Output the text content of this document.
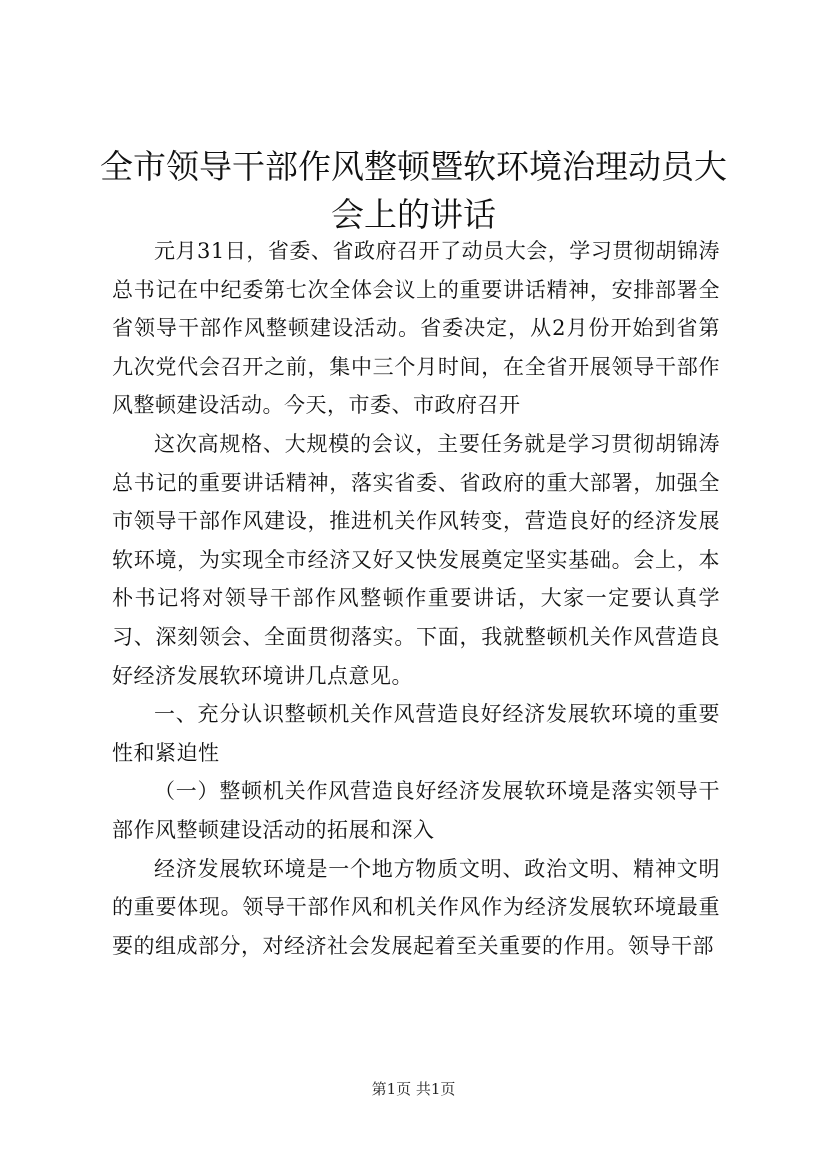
全市领导干部作风整顿暨软环境治理动员大会上的讲话

元月31日，省委、省政府召开了动员大会，学习贯彻胡锦涛总书记在中纪委第七次全体会议上的重要讲话精神，安排部署全省领导干部作风整顿建设活动。省委决定，从2月份开始到省第九次党代会召开之前，集中三个月时间，在全省开展领导干部作风整顿建设活动。今天，市委、市政府召开

这次高规格、大规模的会议，主要任务就是学习贯彻胡锦涛总书记的重要讲话精神，落实省委、省政府的重大部署，加强全市领导干部作风建设，推进机关作风转变，营造良好的经济发展软环境，为实现全市经济又好又快发展奠定坚实基础。会上，本朴书记将对领导干部作风整顿作重要讲话，大家一定要认真学习、深刻领会、全面贯彻落实。下面，我就整顿机关作风营造良好经济发展软环境讲几点意见。

一、充分认识整顿机关作风营造良好经济发展软环境的重要性和紧迫性

（一）整顿机关作风营造良好经济发展软环境是落实领导干部作风整顿建设活动的拓展和深入

经济发展软环境是一个地方物质文明、政治文明、精神文明的重要体现。领导干部作风和机关作风作为经济发展软环境最重要的组成部分，对经济社会发展起着至关重要的作用。领导干部

第1页 共1页
